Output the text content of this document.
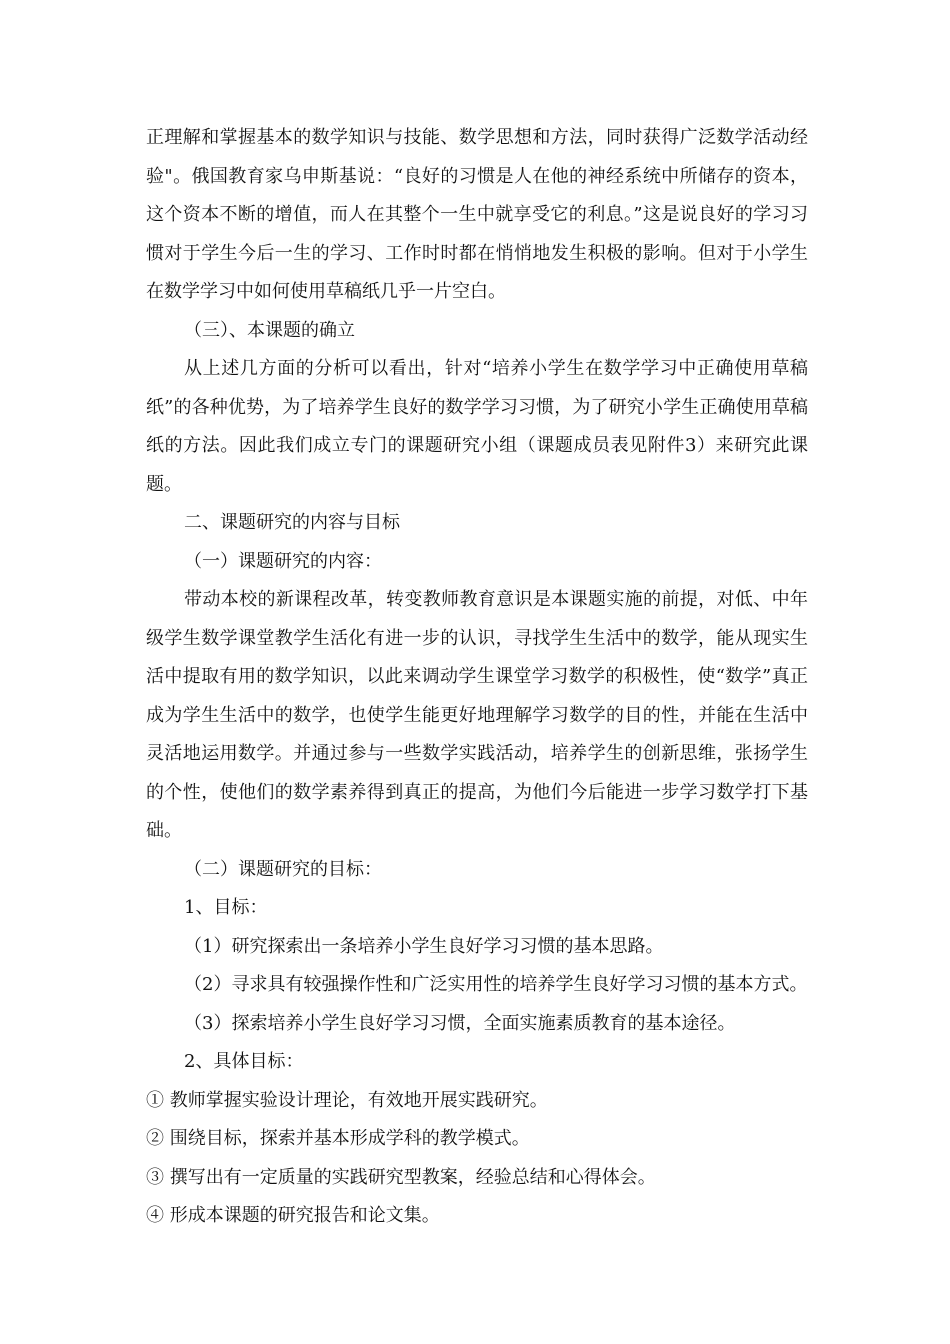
正理解和掌握基本的数学知识与技能、数学思想和方法，同时获得广泛数学活动经验"。俄国教育家乌申斯基说：“良好的习惯是人在他的神经系统中所储存的资本，这个资本不断的增值，而人在其整个一生中就享受它的利息。”这是说良好的学习习惯对于学生今后一生的学习、工作时时都在悄悄地发生积极的影响。但对于小学生在数学学习中如何使用草稿纸几乎一片空白。

（三）、本课题的确立

从上述几方面的分析可以看出，针对“培养小学生在数学学习中正确使用草稿纸”的各种优势，为了培养学生良好的数学学习习惯，为了研究小学生正确使用草稿纸的方法。因此我们成立专门的课题研究小组（课题成员表见附件3）来研究此课题。

二、课题研究的内容与目标

（一）课题研究的内容：

带动本校的新课程改革，转变教师教育意识是本课题实施的前提，对低、中年级学生数学课堂教学生活化有进一步的认识，寻找学生生活中的数学，能从现实生活中提取有用的数学知识，以此来调动学生课堂学习数学的积极性，使“数学”真正成为学生生活中的数学，也使学生能更好地理解学习数学的目的性，并能在生活中灵活地运用数学。并通过参与一些数学实践活动，培养学生的创新思维，张扬学生的个性，使他们的数学素养得到真正的提高，为他们今后能进一步学习数学打下基础。

（二）课题研究的目标：

1、目标：

（1）研究探索出一条培养小学生良好学习习惯的基本思路。

（2）寻求具有较强操作性和广泛实用性的培养学生良好学习习惯的基本方式。

（3）探索培养小学生良好学习习惯，全面实施素质教育的基本途径。

2、具体目标：

① 教师掌握实验设计理论，有效地开展实践研究。

② 围绕目标，探索并基本形成学科的教学模式。

③ 撰写出有一定质量的实践研究型教案，经验总结和心得体会。

④ 形成本课题的研究报告和论文集。
